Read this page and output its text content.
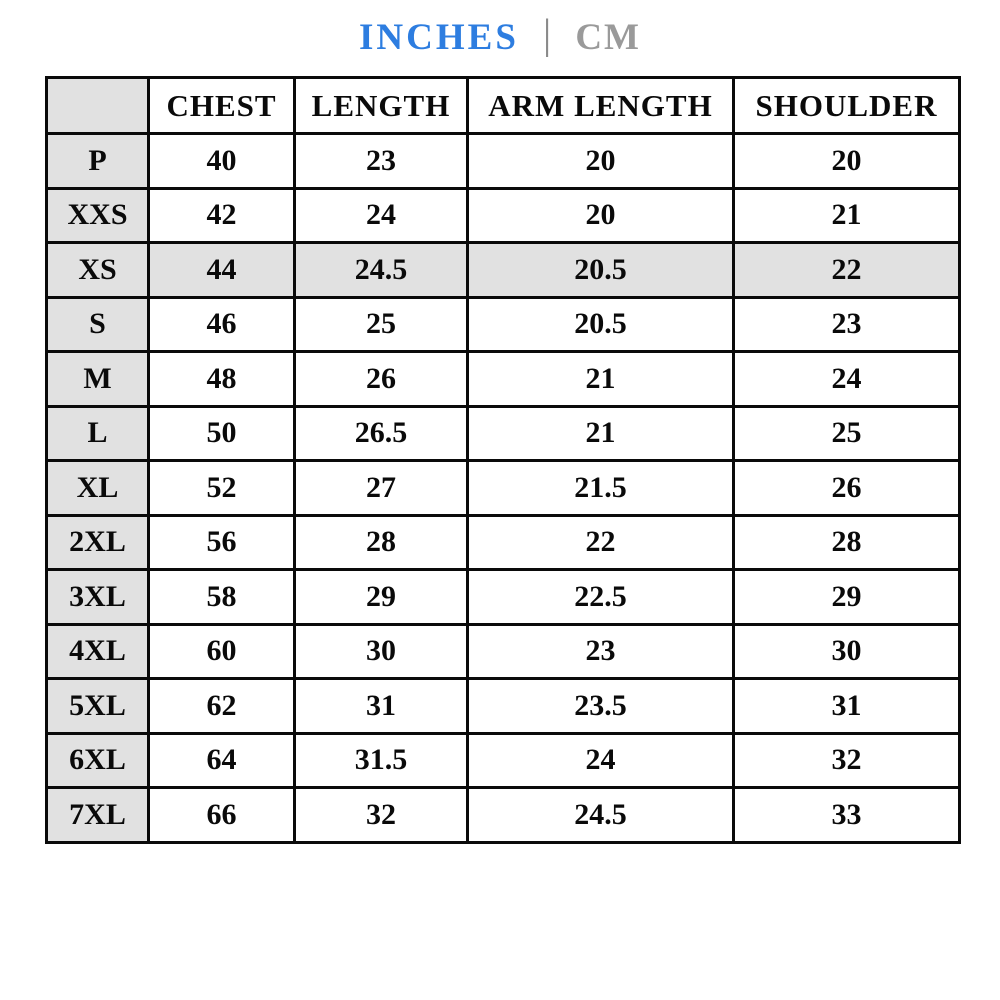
INCHES | CM
	CHEST	LENGTH	ARM LENGTH	SHOULDER
P	40	23	20	20
XXS	42	24	20	21
XS	44	24.5	20.5	22
S	46	25	20.5	23
M	48	26	21	24
L	50	26.5	21	25
XL	52	27	21.5	26
2XL	56	28	22	28
3XL	58	29	22.5	29
4XL	60	30	23	30
5XL	62	31	23.5	31
6XL	64	31.5	24	32
7XL	66	32	24.5	33
